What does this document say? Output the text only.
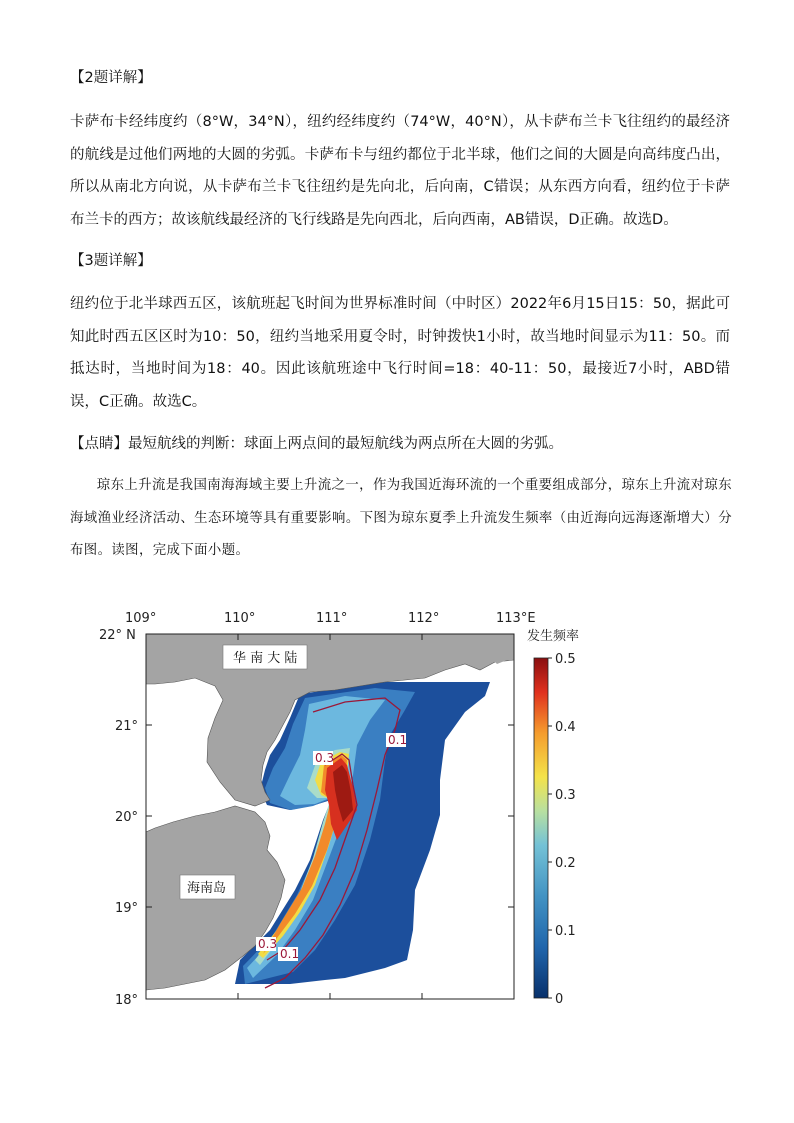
【2题详解】
卡萨布卡经纬度约（8°W，34°N），纽约经纬度约（74°W，40°N），从卡萨布兰卡飞往纽约的最经济的航线是过他们两地的大圆的劣弧。卡萨布卡与纽约都位于北半球，他们之间的大圆是向高纬度凸出，所以从南北方向说，从卡萨布兰卡飞往纽约是先向北，后向南，C错误；从东西方向看，纽约位于卡萨布兰卡的西方；故该航线最经济的飞行线路是先向西北，后向西南，AB错误，D正确。故选D。
【3题详解】
纽约位于北半球西五区，该航班起飞时间为世界标准时间（中时区）2022年6月15日15：50，据此可知此时西五区区时为10：50，纽约当地采用夏令时，时钟拨快1小时，故当地时间显示为11：50。而抵达时，当地时间为18：40。因此该航班途中飞行时间=18：40-11：50，最接近7小时，ABD错误，C正确。故选C。
【点睛】最短航线的判断：球面上两点间的最短航线为两点所在大圆的劣弧。
琼东上升流是我国南海海域主要上升流之一，作为我国近海环流的一个重要组成部分，琼东上升流对琼东海域渔业经济活动、生态环境等具有重要影响。下图为琼东夏季上升流发生频率（由近海向远海逐渐增大）分布图。读图，完成下面小题。
0.3
0.1
0.3
0.1
华 南 大 陆
海南岛
109°	110°	111°	112°	113°E
22° N
21°
20°
19°
18°
发生频率
0.5
0.4
0.3
0.2
0.1
0
